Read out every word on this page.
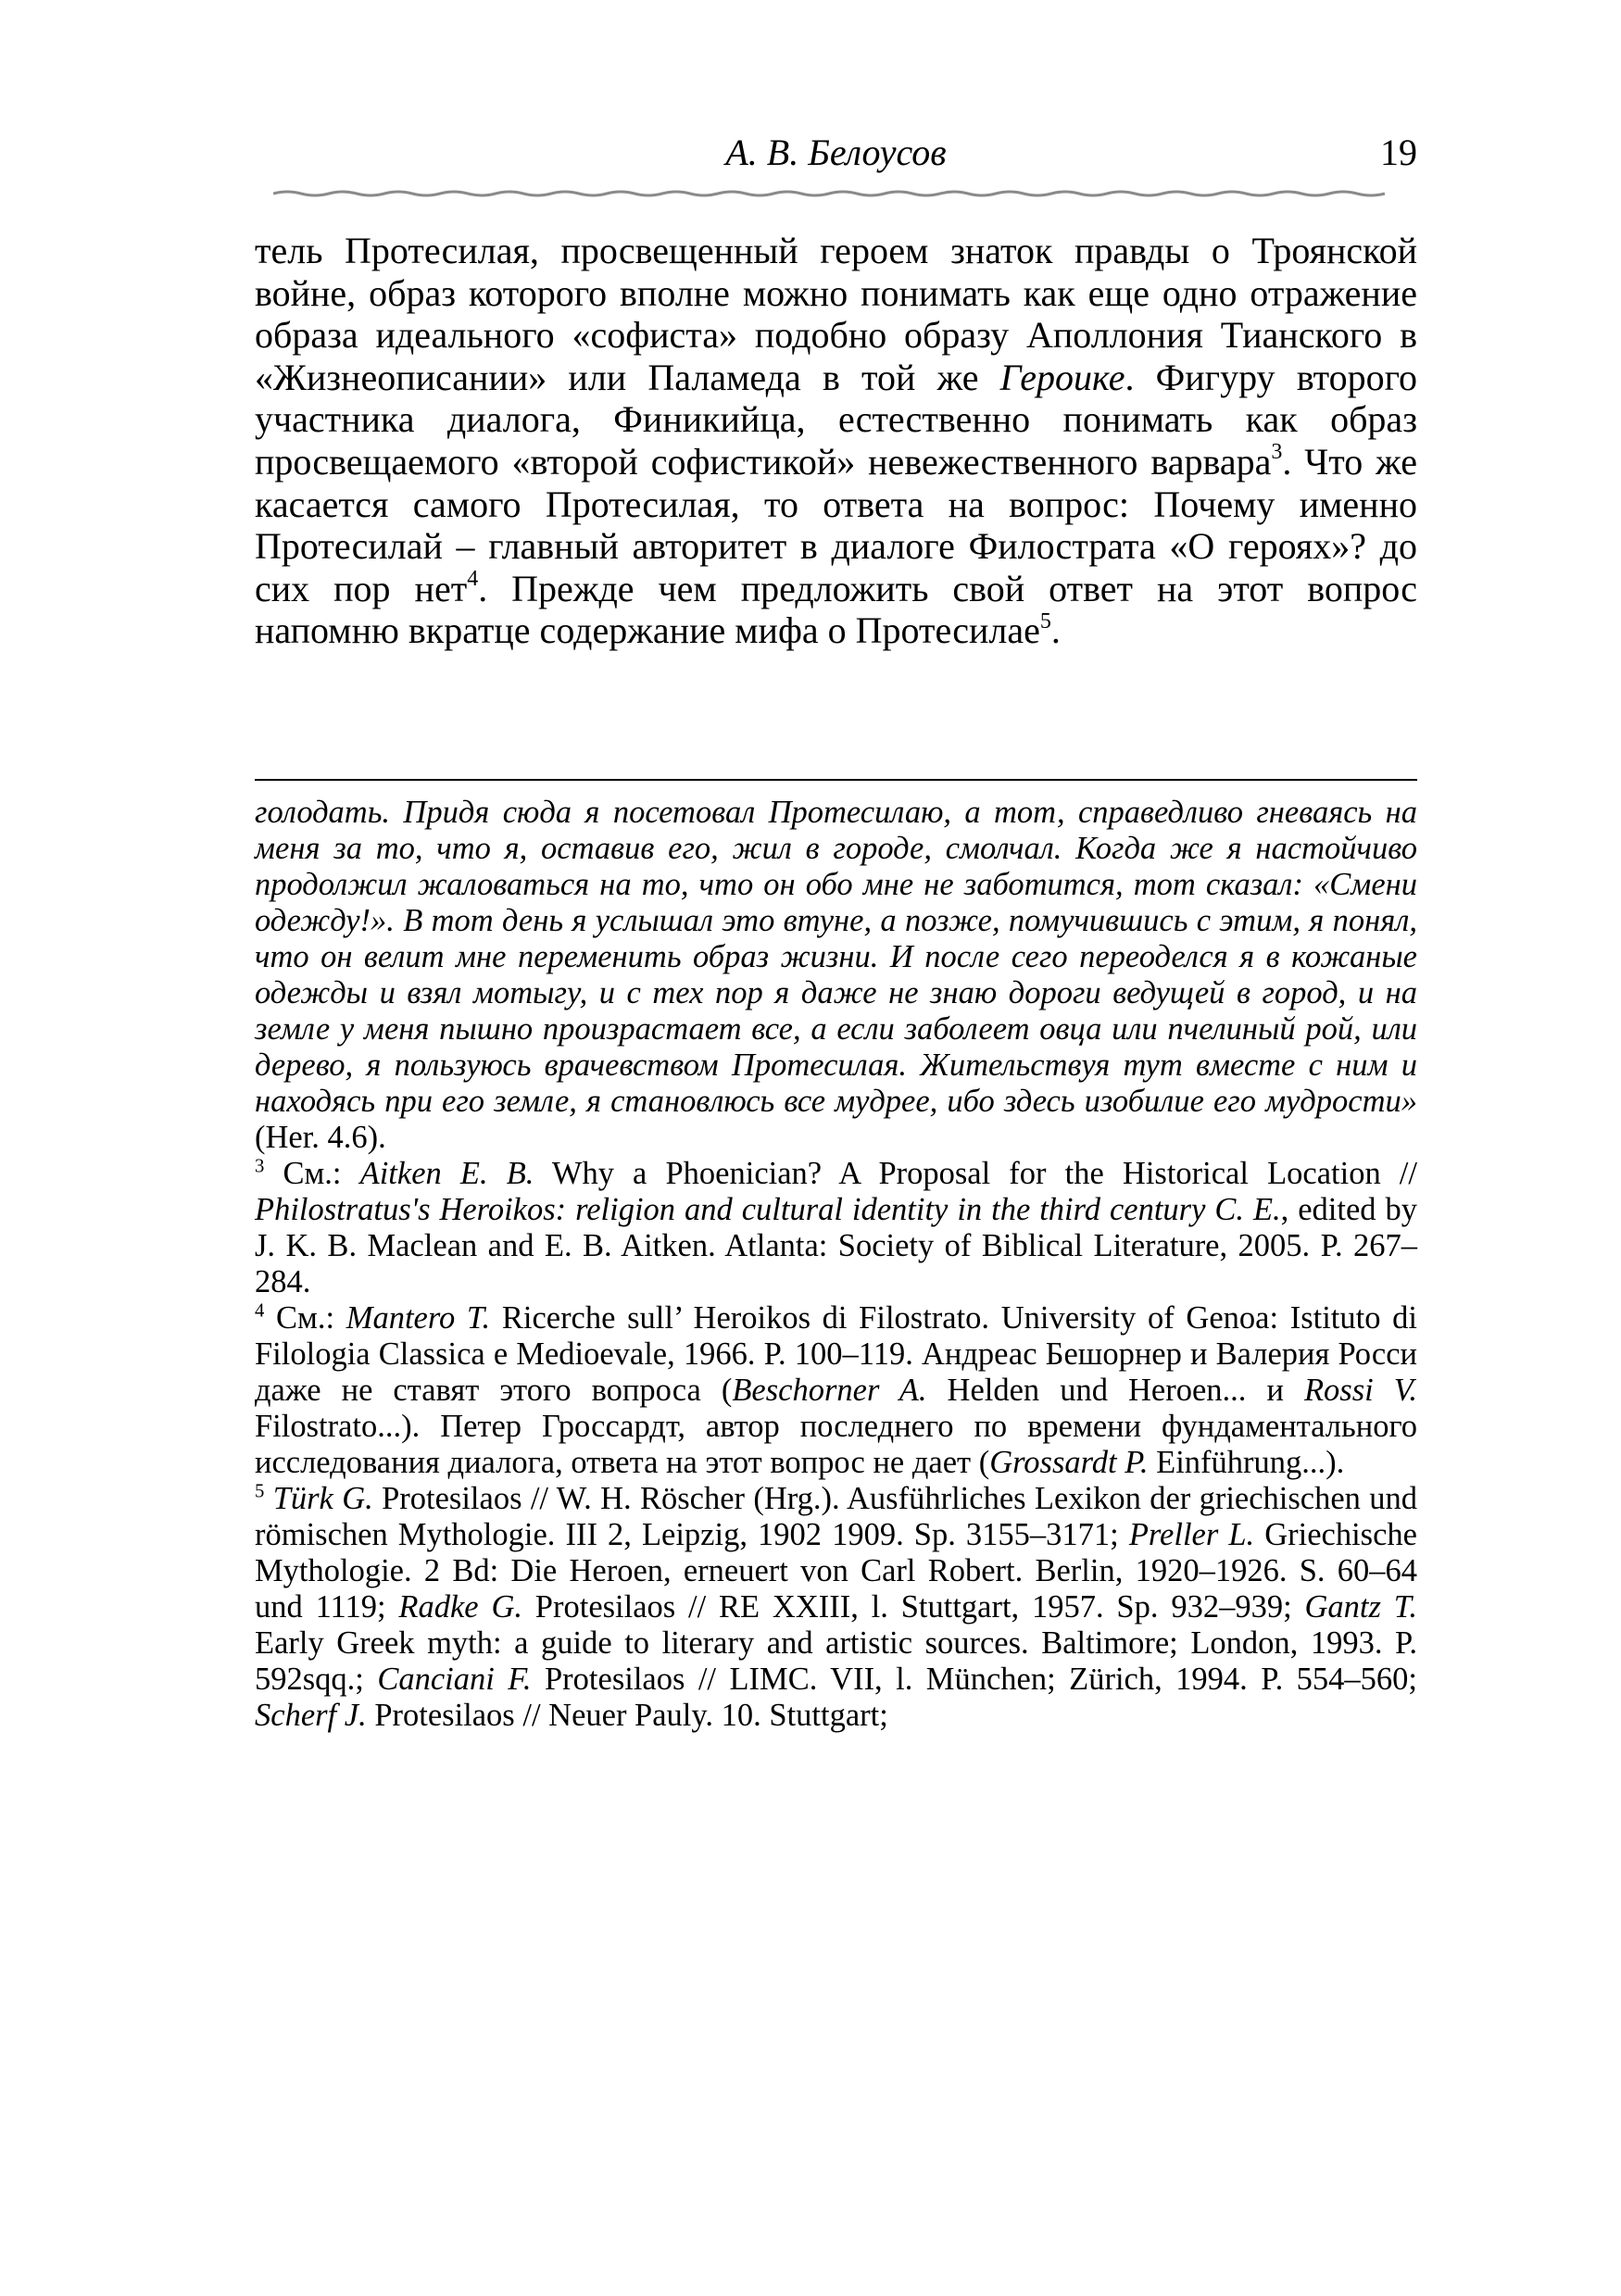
А. В. Белоусов	19

тель Протесилая, просвещенный героем знаток правды о Троянской войне, образ которого вполне можно понимать как еще одно отражение образа идеального «софиста» подобно образу Аполлония Тианского в «Жизнеописании» или Паламеда в той же Героике. Фигуру второго участника диалога, Финикийца, естественно понимать как образ просвещаемого «второй софистикой» невежественного варвара$^3$. Что же касается самого Протесилая, то ответа на вопрос: Почему именно Протесилай – главный авторитет в диалоге Филострата «О героях»? до сих пор нет$^4$. Прежде чем предложить свой ответ на этот вопрос напомню вкратце содержание мифа о Протесилае$^5$.

голодать. Придя сюда я посетовал Протесилаю, а тот, справедливо гневаясь на меня за то, что я, оставив его, жил в городе, смолчал. Когда же я настойчиво продолжил жаловаться на то, что он обо мне не заботится, тот сказал: «Смени одежду!». В тот день я услышал это втуне, а позже, помучившись с этим, я понял, что он велит мне переменить образ жизни. И после сего переоделся я в кожаные одежды и взял мотыгу, и с тех пор я даже не знаю дороги ведущей в город, и на земле у меня пышно произрастает все, а если заболеет овца или пчелиный рой, или дерево, я пользуюсь врачевством Протесилая. Жительствуя тут вместе с ним и находясь при его земле, я становлюсь все мудрее, ибо здесь изобилие его мудрости» (Her. 4.6).

$^3$ См.: Aitken E. B. Why a Phoenician? A Proposal for the Historical Location // Philostratus's Heroikos: religion and cultural identity in the third century C. E., edited by J. K. B. Maclean and E. B. Aitken. Atlanta: Society of Biblical Literature, 2005. P. 267–284.

$^4$ См.: Mantero T. Ricerche sull’ Heroikos di Filostrato. University of Genoa: Istituto di Filologia Classica e Medioevale, 1966. P. 100–119. Андреас Бешорнер и Валерия Росси даже не ставят этого вопроса (Beschorner A. Helden und Heroen... и Rossi V. Filostrato...). Петер Гроссардт, автор последнего по времени фундаментального исследования диалога, ответа на этот вопрос не дает (Grossardt P. Einführung...).

$^5$ Türk G. Protesilaos // W. H. Röscher (Hrg.). Ausführliches Lexikon der griechischen und römischen Mythologie. III 2, Leipzig, 1902 1909. Sp. 3155–3171; Preller L. Griechische Mythologie. 2 Bd: Die Heroen, erneuert von Carl Robert. Berlin, 1920–1926. S. 60–64 und 1119; Radke G. Protesilaos // RE XXIII, l. Stuttgart, 1957. Sp. 932–939; Gantz T. Early Greek myth: a guide to literary and artistic sources. Baltimore; London, 1993. P. 592sqq.; Canciani F. Protesilaos // LIMC. VII, l. München; Zürich, 1994. P. 554–560; Scherf J. Protesilaos // Neuer Pauly. 10. Stuttgart;
